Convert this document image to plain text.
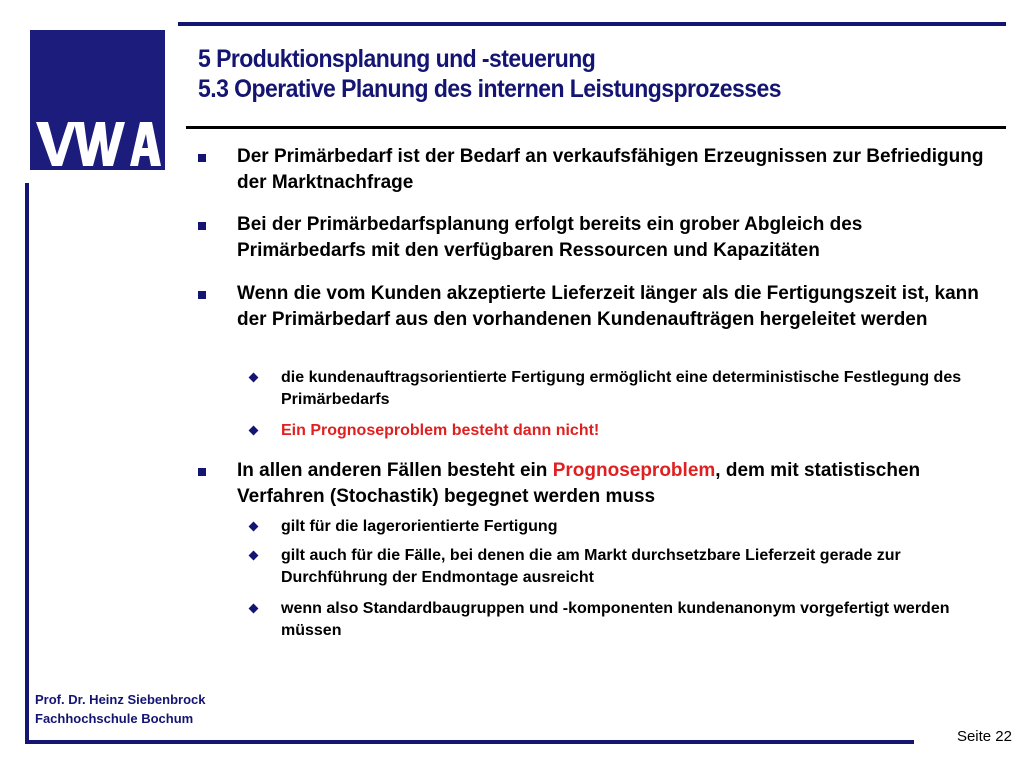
5 Produktionsplanung und -steuerung
5.3 Operative Planung des internen Leistungsprozesses
Der Primärbedarf ist der Bedarf an verkaufsfähigen Erzeugnissen zur Befriedigung der Marktnachfrage
Bei der Primärbedarfsplanung erfolgt bereits ein grober Abgleich des Primärbedarfs mit den verfügbaren Ressourcen und Kapazitäten
Wenn die vom Kunden akzeptierte Lieferzeit länger als die Fertigungszeit ist, kann der Primärbedarf aus den vorhandenen Kundenaufträgen hergeleitet werden
die kundenauftragsorientierte Fertigung ermöglicht eine deterministische Festlegung des Primärbedarfs
Ein Prognoseproblem besteht dann nicht!
In allen anderen Fällen besteht ein Prognoseproblem, dem mit statistischen Verfahren (Stochastik) begegnet werden muss
gilt für die lagerorientierte Fertigung
gilt auch für die Fälle, bei denen die am Markt durchsetzbare Lieferzeit gerade zur Durchführung der Endmontage ausreicht
wenn also Standardbaugruppen und -komponenten kundenanonym vorgefertigt werden müssen
Prof. Dr. Heinz Siebenbrock
Fachhochschule Bochum
Seite 22
